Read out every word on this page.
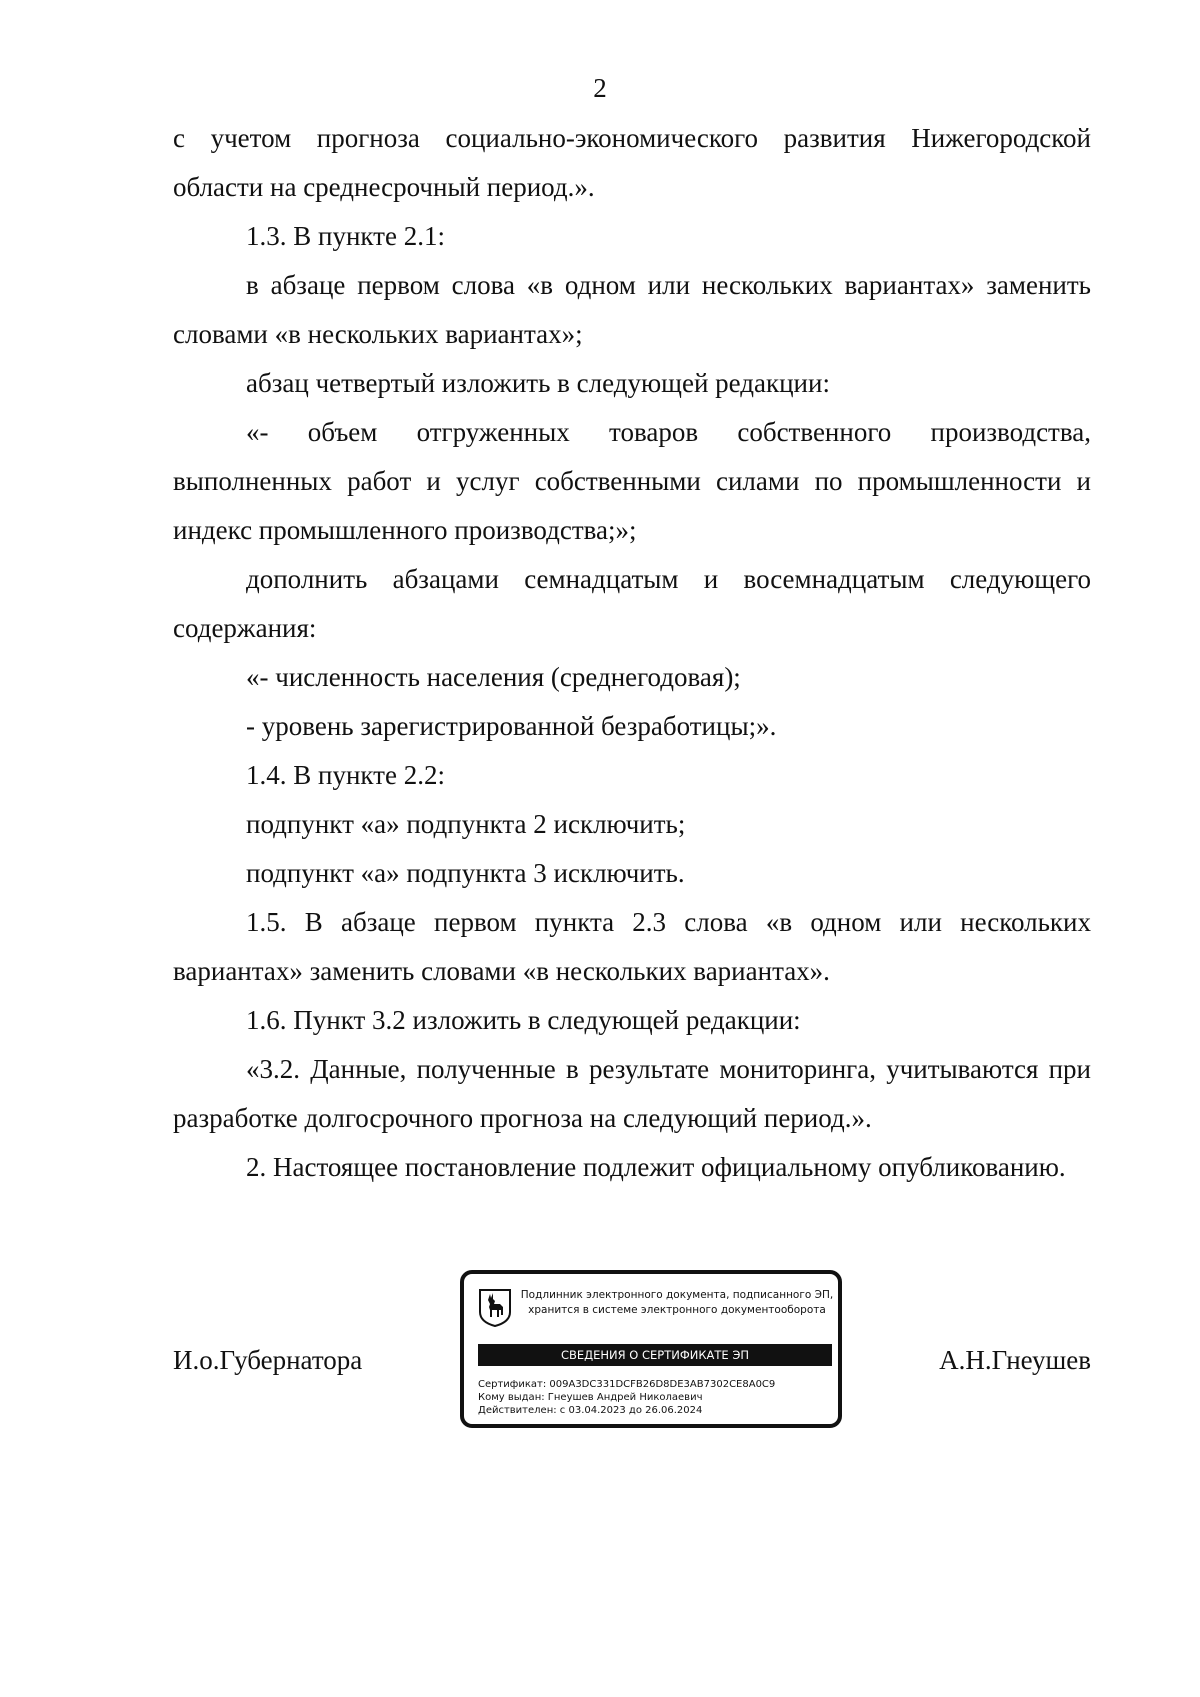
2

с учетом прогноза социально-экономического развития Нижегородской области на среднесрочный период.».

1.3. В пункте 2.1:

в абзаце первом слова «в одном или нескольких вариантах» заменить словами «в нескольких вариантах»;

абзац четвертый изложить в следующей редакции:

«- объем отгруженных товаров собственного производства, выполненных работ и услуг собственными силами по промышленности и индекс промышленного производства;»;

дополнить абзацами семнадцатым и восемнадцатым следующего содержания:

«- численность населения (среднегодовая);

- уровень зарегистрированной безработицы;».

1.4. В пункте 2.2:

подпункт «а» подпункта 2 исключить;

подпункт «а» подпункта 3 исключить.

1.5. В абзаце первом пункта 2.3 слова «в одном или нескольких вариантах» заменить словами «в нескольких вариантах».

1.6. Пункт 3.2 изложить в следующей редакции:

«3.2. Данные, полученные в результате мониторинга, учитываются при разработке долгосрочного прогноза на следующий период.».

2. Настоящее постановление подлежит официальному опубликованию.

И.о.Губернатора
Подлинник электронного документа, подписанного ЭП,
хранится в системе электронного документооборота
СВЕДЕНИЯ О СЕРТИФИКАТЕ ЭП
Сертификат: 009A3DC331DCFB26D8DE3AB7302CE8A0C9
Кому выдан: Гнеушев Андрей Николаевич
Действителен: с 03.04.2023 до 26.06.2024
А.Н.Гнеушев
